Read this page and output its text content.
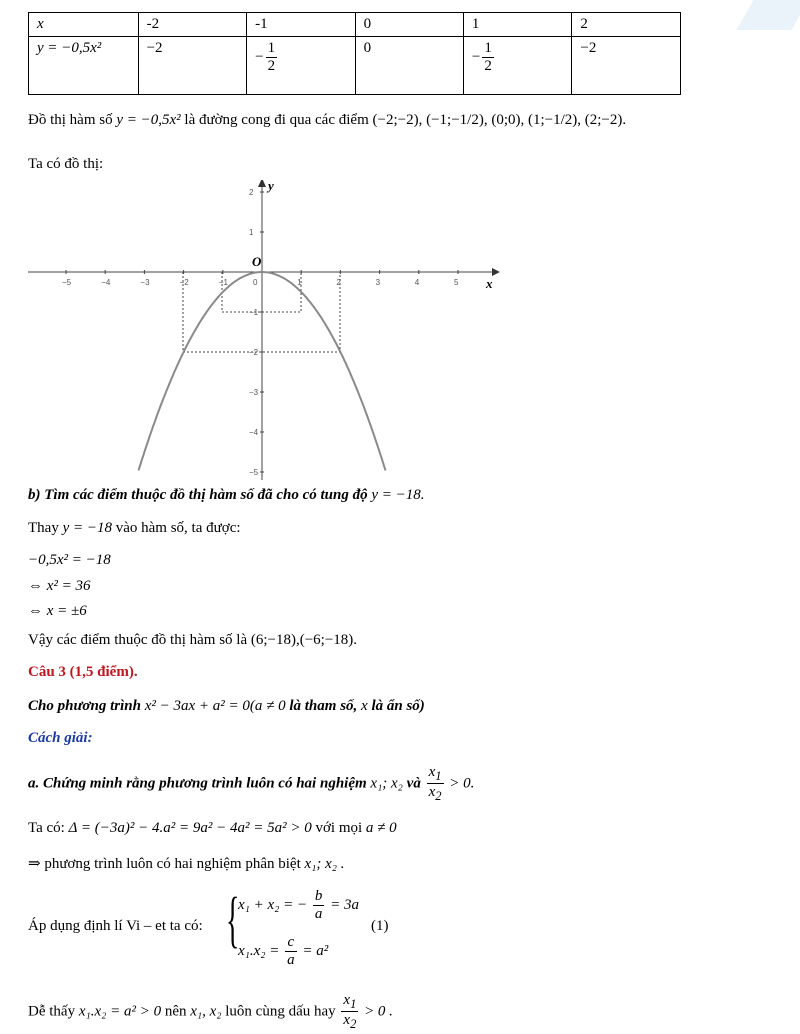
x	-2	-1	0	1	2
y = −0,5x²	−2	− $\frac{1}{2}$	0	− $\frac{1}{2}$	−2
Đồ thị hàm số y = −0,5x² là đường cong đi qua các điểm (−2;−2), (−1;−1/2), (0;0), (1;−1/2), (2;−2).
Ta có đồ thị:
−5	−4	−3	−2	−1	0	1	2	3	4	5
2
1
−1
−2
−3
−4
−5
O
y
x
b) Tìm các điểm thuộc đồ thị hàm số đã cho có tung độ y = −18.
Thay y = −18 vào hàm số, ta được:
−0,5x² = −18
⇔ x² = 36
⇔ x = ±6
Vậy các điểm thuộc đồ thị hàm số là (6;−18),(−6;−18).
Câu 3 (1,5 điểm).
Cho phương trình x² − 3ax + a² = 0(a ≠ 0 là tham số, x là ẩn số)
Cách giải:
a. Chứng minh rằng phương trình luôn có hai nghiệm x₁; x₂ và $\frac{x_1}{x_2} > 0$.
Ta có: Δ = (−3a)² − 4.a² = 9a² − 4a² = 5a² > 0 với mọi a ≠ 0
⇒ phương trình luôn có hai nghiệm phân biệt x₁; x₂ .
Áp dụng định lí Vi – et ta có: {
x₁ + x₂ = − $\frac{b}{a} = 3a$
$x_1.x_2 = \frac{c}{a} = a^2$
(1)
Dễ thấy x₁.x₂ = a² > 0 nên x₁, x₂ luôn cùng dấu hay $\frac{x_1}{x_2} > 0$ .
